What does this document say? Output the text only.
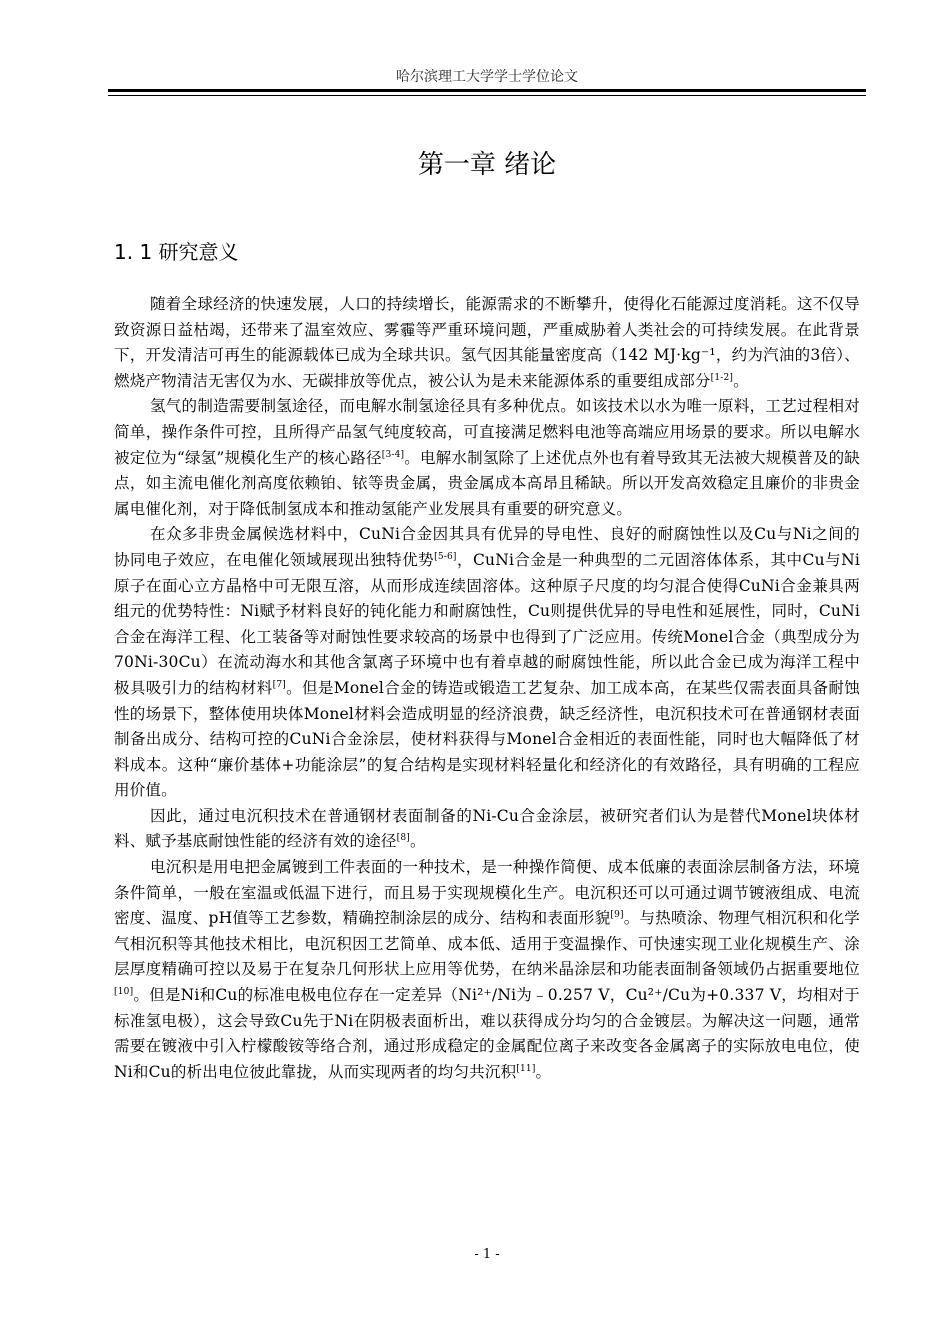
哈尔滨理工大学学士学位论文
第一章 绪论
1. 1 研究意义

随着全球经济的快速发展，人口的持续增长，能源需求的不断攀升，使得化石能源过度消耗。这不仅导致资源日益枯竭，还带来了温室效应、雾霾等严重环境问题，严重威胁着人类社会的可持续发展。在此背景下，开发清洁可再生的能源载体已成为全球共识。氢气因其能量密度高（142 MJ·kg⁻¹，约为汽油的3倍）、燃烧产物清洁无害仅为水、无碳排放等优点，被公认为是未来能源体系的重要组成部分[1-2]。

氢气的制造需要制氢途径，而电解水制氢途径具有多种优点。如该技术以水为唯一原料，工艺过程相对简单，操作条件可控，且所得产品氢气纯度较高，可直接满足燃料电池等高端应用场景的要求。所以电解水被定位为“绿氢”规模化生产的核心路径[3-4]。电解水制氢除了上述优点外也有着导致其无法被大规模普及的缺点，如主流电催化剂高度依赖铂、铱等贵金属，贵金属成本高昂且稀缺。所以开发高效稳定且廉价的非贵金属电催化剂，对于降低制氢成本和推动氢能产业发展具有重要的研究意义。

在众多非贵金属候选材料中，CuNi合金因其具有优异的导电性、良好的耐腐蚀性以及Cu与Ni之间的协同电子效应，在电催化领域展现出独特优势[5-6]，CuNi合金是一种典型的二元固溶体体系，其中Cu与Ni原子在面心立方晶格中可无限互溶，从而形成连续固溶体。这种原子尺度的均匀混合使得CuNi合金兼具两组元的优势特性：Ni赋予材料良好的钝化能力和耐腐蚀性，Cu则提供优异的导电性和延展性，同时，CuNi合金在海洋工程、化工装备等对耐蚀性要求较高的场景中也得到了广泛应用。传统Monel合金（典型成分为70Ni-30Cu）在流动海水和其他含氯离子环境中也有着卓越的耐腐蚀性能，所以此合金已成为海洋工程中极具吸引力的结构材料[7]。但是Monel合金的铸造或锻造工艺复杂、加工成本高，在某些仅需表面具备耐蚀性的场景下，整体使用块体Monel材料会造成明显的经济浪费，缺乏经济性，电沉积技术可在普通钢材表面制备出成分、结构可控的CuNi合金涂层，使材料获得与Monel合金相近的表面性能，同时也大幅降低了材料成本。这种“廉价基体+功能涂层”的复合结构是实现材料轻量化和经济化的有效路径，具有明确的工程应用价值。

因此，通过电沉积技术在普通钢材表面制备的Ni-Cu合金涂层，被研究者们认为是替代Monel块体材料、赋予基底耐蚀性能的经济有效的途径[8]。

电沉积是用电把金属镀到工件表面的一种技术，是一种操作简便、成本低廉的表面涂层制备方法，环境条件简单，一般在室温或低温下进行，而且易于实现规模化生产。电沉积还可以可通过调节镀液组成、电流密度、温度、pH值等工艺参数，精确控制涂层的成分、结构和表面形貌[9]。与热喷涂、物理气相沉积和化学气相沉积等其他技术相比，电沉积因工艺简单、成本低、适用于变温操作、可快速实现工业化规模生产、涂层厚度精确可控以及易于在复杂几何形状上应用等优势，在纳米晶涂层和功能表面制备领域仍占据重要地位[10]。但是Ni和Cu的标准电极电位存在一定差异（Ni²⁺/Ni为﹣0.257 V，Cu²⁺/Cu为+0.337 V，均相对于标准氢电极），这会导致Cu先于Ni在阴极表面析出，难以获得成分均匀的合金镀层。为解决这一问题，通常需要在镀液中引入柠檬酸铵等络合剂，通过形成稳定的金属配位离子来改变各金属离子的实际放电电位，使Ni和Cu的析出电位彼此靠拢，从而实现两者的均匀共沉积[11]。

- 1 -
